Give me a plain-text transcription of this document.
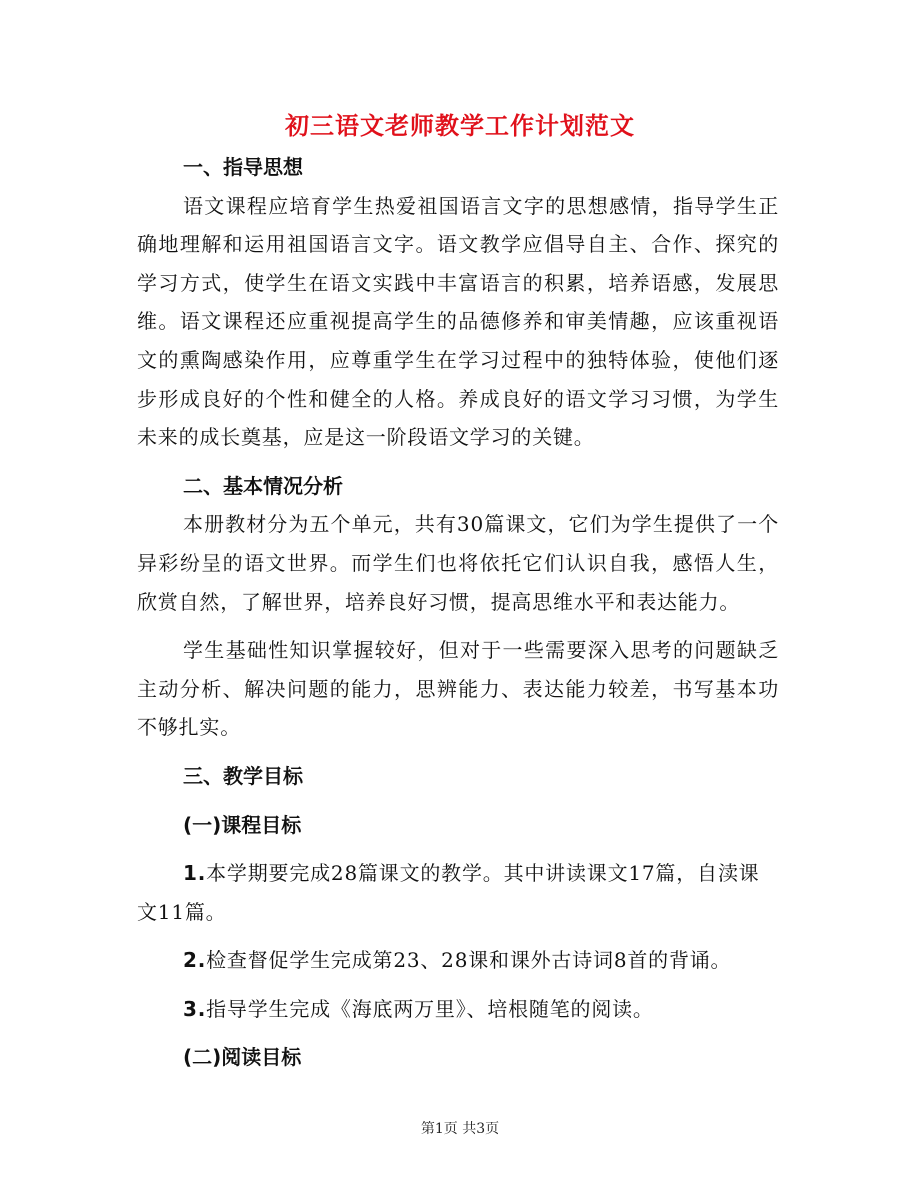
初三语文老师教学工作计划范文

一、指导思想

语文课程应培育学生热爱祖国语言文字的思想感情，指导学生正确地理解和运用祖国语言文字。语文教学应倡导自主、合作、探究的学习方式，使学生在语文实践中丰富语言的积累，培养语感，发展思维。语文课程还应重视提高学生的品德修养和审美情趣，应该重视语文的熏陶感染作用，应尊重学生在学习过程中的独特体验，使他们逐步形成良好的个性和健全的人格。养成良好的语文学习习惯，为学生未来的成长奠基，应是这一阶段语文学习的关键。

二、基本情况分析

本册教材分为五个单元，共有30篇课文，它们为学生提供了一个异彩纷呈的语文世界。而学生们也将依托它们认识自我，感悟人生，欣赏自然，了解世界，培养良好习惯，提高思维水平和表达能力。

学生基础性知识掌握较好，但对于一些需要深入思考的问题缺乏主动分析、解决问题的能力，思辨能力、表达能力较差，书写基本功不够扎实。

三、教学目标

(一)课程目标

1.本学期要完成28篇课文的教学。其中讲读课文17篇，自渎课文11篇。

2.检查督促学生完成第23、28课和课外古诗词8首的背诵。

3.指导学生完成《海底两万里》、培根随笔的阅读。

(二)阅读目标

第1页 共3页
